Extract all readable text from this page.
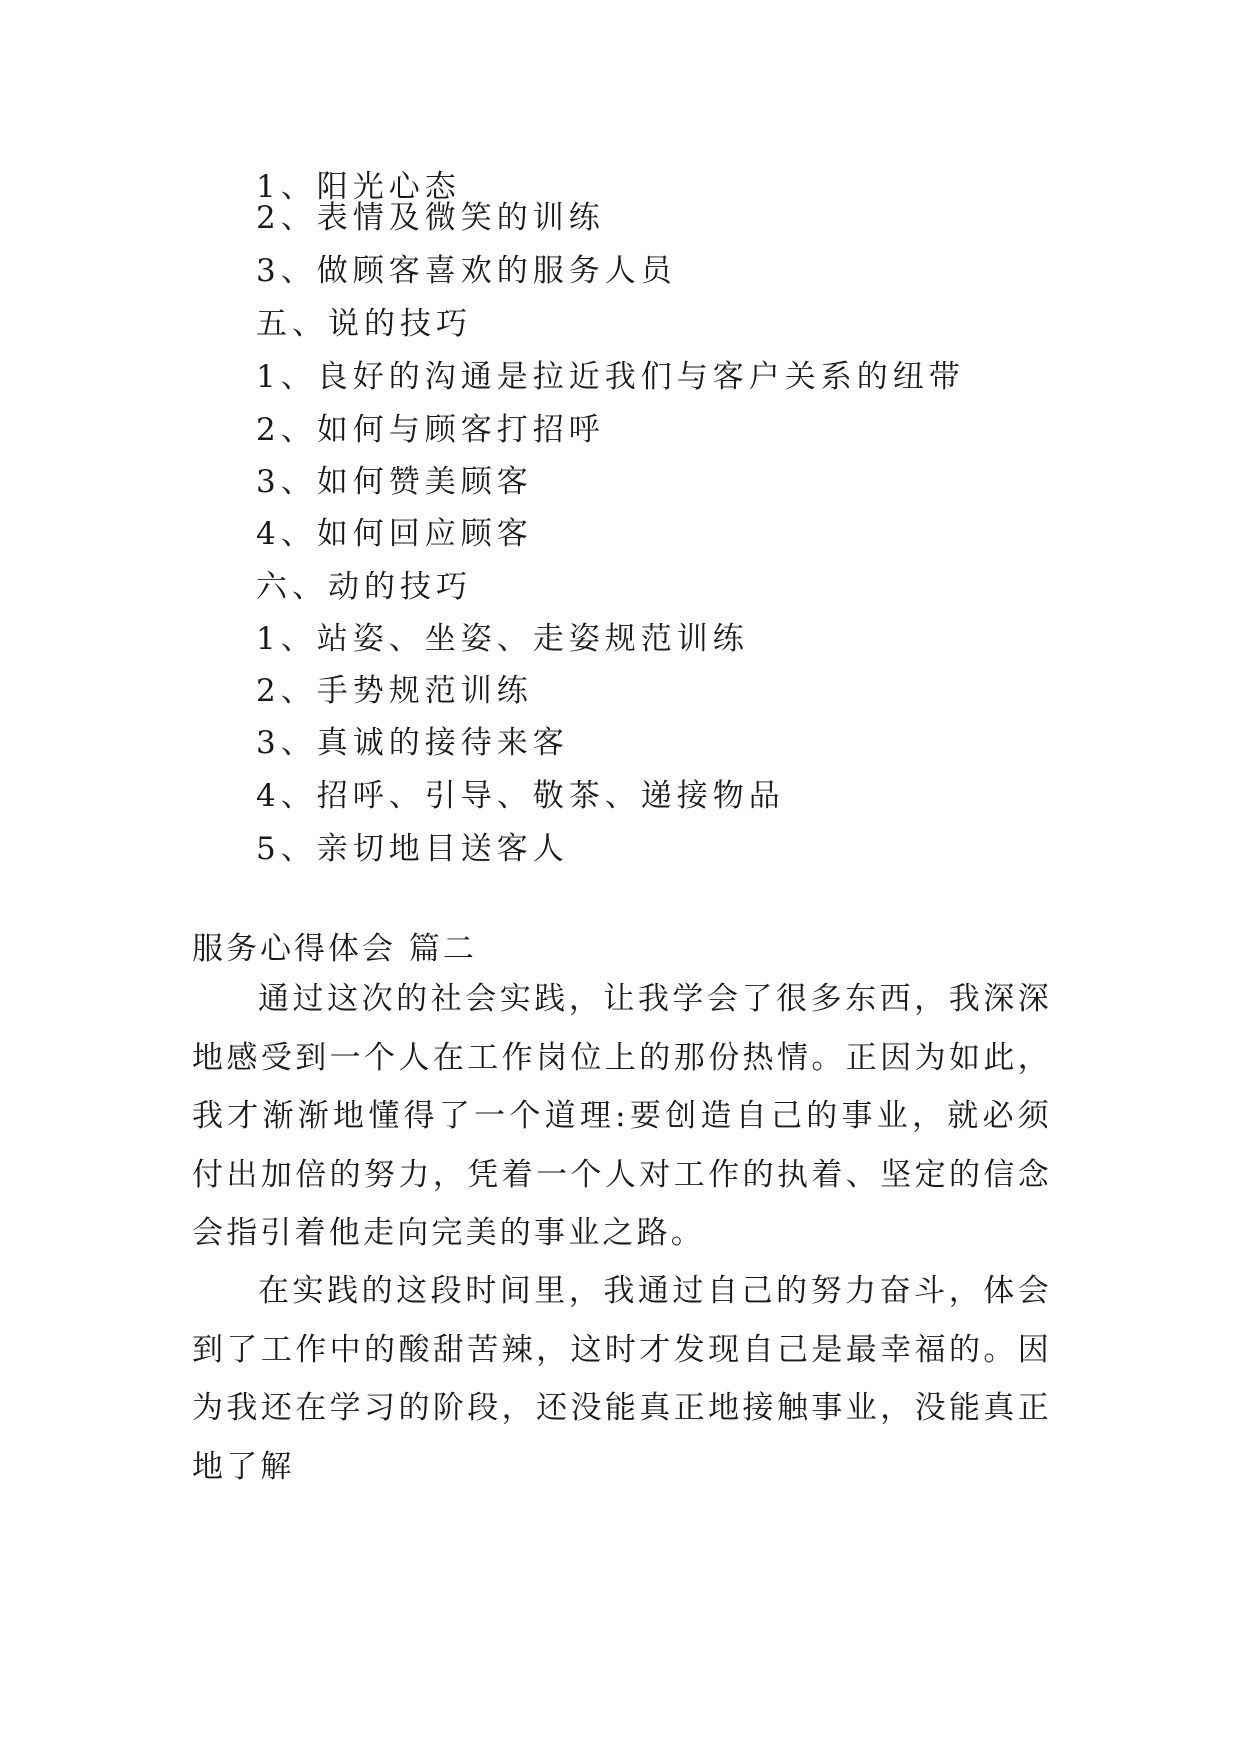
1、阳光心态
2、表情及微笑的训练
3、做顾客喜欢的服务人员
五、说的技巧
1、良好的沟通是拉近我们与客户关系的纽带
2、如何与顾客打招呼
3、如何赞美顾客
4、如何回应顾客
六、动的技巧
1、站姿、坐姿、走姿规范训练
2、手势规范训练
3、真诚的接待来客
4、招呼、引导、敬茶、递接物品
5、亲切地目送客人
服务心得体会 篇二

通过这次的社会实践，让我学会了很多东西，我深深地感受到一个人在工作岗位上的那份热情。正因为如此，我才渐渐地懂得了一个道理:要创造自己的事业，就必须付出加倍的努力，凭着一个人对工作的执着、坚定的信念会指引着他走向完美的事业之路。

在实践的这段时间里，我通过自己的努力奋斗，体会到了工作中的酸甜苦辣，这时才发现自己是最幸福的。因为我还在学习的阶段，还没能真正地接触事业，没能真正地了解
